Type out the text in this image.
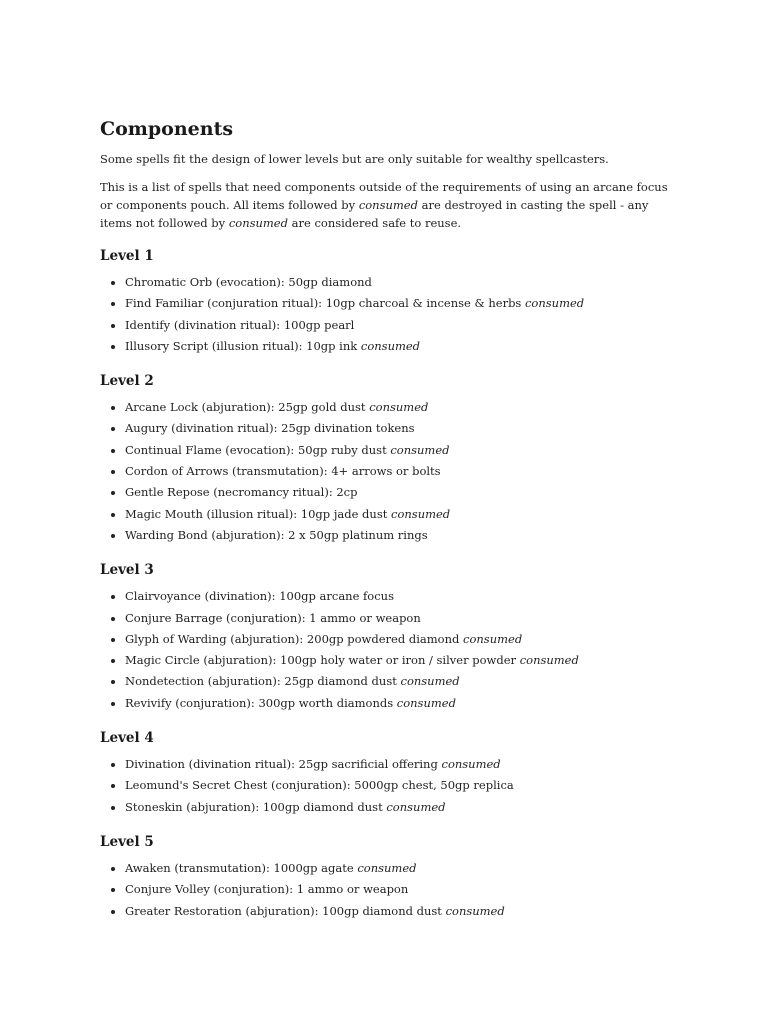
Components

Some spells fit the design of lower levels but are only suitable for wealthy spellcasters.

This is a list of spells that need components outside of the requirements of using an arcane focus or components pouch. All items followed by consumed are destroyed in casting the spell - any items not followed by consumed are considered safe to reuse.

Level 1
Chromatic Orb (evocation): 50gp diamond
Find Familiar (conjuration ritual): 10gp charcoal & incense & herbs consumed
Identify (divination ritual): 100gp pearl
Illusory Script (illusion ritual): 10gp ink consumed
Level 2
Arcane Lock (abjuration): 25gp gold dust consumed
Augury (divination ritual): 25gp divination tokens
Continual Flame (evocation): 50gp ruby dust consumed
Cordon of Arrows (transmutation): 4+ arrows or bolts
Gentle Repose (necromancy ritual): 2cp
Magic Mouth (illusion ritual): 10gp jade dust consumed
Warding Bond (abjuration): 2 x 50gp platinum rings
Level 3
Clairvoyance (divination): 100gp arcane focus
Conjure Barrage (conjuration): 1 ammo or weapon
Glyph of Warding (abjuration): 200gp powdered diamond consumed
Magic Circle (abjuration): 100gp holy water or iron / silver powder consumed
Nondetection (abjuration): 25gp diamond dust consumed
Revivify (conjuration): 300gp worth diamonds consumed
Level 4
Divination (divination ritual): 25gp sacrificial offering consumed
Leomund's Secret Chest (conjuration): 5000gp chest, 50gp replica
Stoneskin (abjuration): 100gp diamond dust consumed
Level 5
Awaken (transmutation): 1000gp agate consumed
Conjure Volley (conjuration): 1 ammo or weapon
Greater Restoration (abjuration): 100gp diamond dust consumed
